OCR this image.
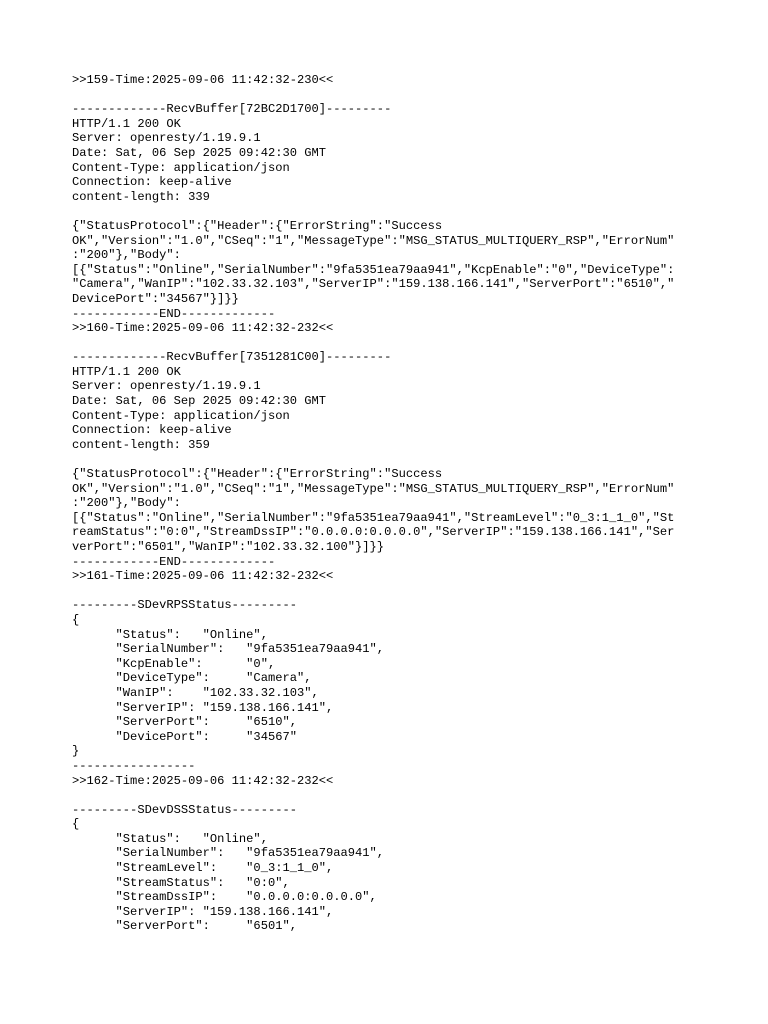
>>159-Time:2025-09-06 11:42:32-230<<
-------------RecvBuffer[72BC2D1700]---------
HTTP/1.1 200 OK
Server: openresty/1.19.9.1
Date: Sat, 06 Sep 2025 09:42:30 GMT
Content-Type: application/json
Connection: keep-alive
content-length: 339
{"StatusProtocol":{"Header":{"ErrorString":"Success
OK","Version":"1.0","CSeq":"1","MessageType":"MSG_STATUS_MULTIQUERY_RSP","ErrorNum"
:"200"},"Body":
[{"Status":"Online","SerialNumber":"9fa5351ea79aa941","KcpEnable":"0","DeviceType":
"Camera","WanIP":"102.33.32.103","ServerIP":"159.138.166.141","ServerPort":"6510","
DevicePort":"34567"}]}}
------------END-------------
>>160-Time:2025-09-06 11:42:32-232<<
-------------RecvBuffer[7351281C00]---------
HTTP/1.1 200 OK
Server: openresty/1.19.9.1
Date: Sat, 06 Sep 2025 09:42:30 GMT
Content-Type: application/json
Connection: keep-alive
content-length: 359
{"StatusProtocol":{"Header":{"ErrorString":"Success
OK","Version":"1.0","CSeq":"1","MessageType":"MSG_STATUS_MULTIQUERY_RSP","ErrorNum"
:"200"},"Body":
[{"Status":"Online","SerialNumber":"9fa5351ea79aa941","StreamLevel":"0_3:1_1_0","St
reamStatus":"0:0","StreamDssIP":"0.0.0.0:0.0.0.0","ServerIP":"159.138.166.141","Ser
verPort":"6501","WanIP":"102.33.32.100"}]}}
------------END-------------
>>161-Time:2025-09-06 11:42:32-232<<
---------SDevRPSStatus---------
{
"Status":   "Online",
"SerialNumber":   "9fa5351ea79aa941",
"KcpEnable":      "0",
"DeviceType":     "Camera",
"WanIP":    "102.33.32.103",
"ServerIP": "159.138.166.141",
"ServerPort":     "6510",
"DevicePort":     "34567"
}
-----------------
>>162-Time:2025-09-06 11:42:32-232<<
---------SDevDSSStatus---------
{
"Status":   "Online",
"SerialNumber":   "9fa5351ea79aa941",
"StreamLevel":    "0_3:1_1_0",
"StreamStatus":   "0:0",
"StreamDssIP":    "0.0.0.0:0.0.0.0",
"ServerIP": "159.138.166.141",
"ServerPort":     "6501",
